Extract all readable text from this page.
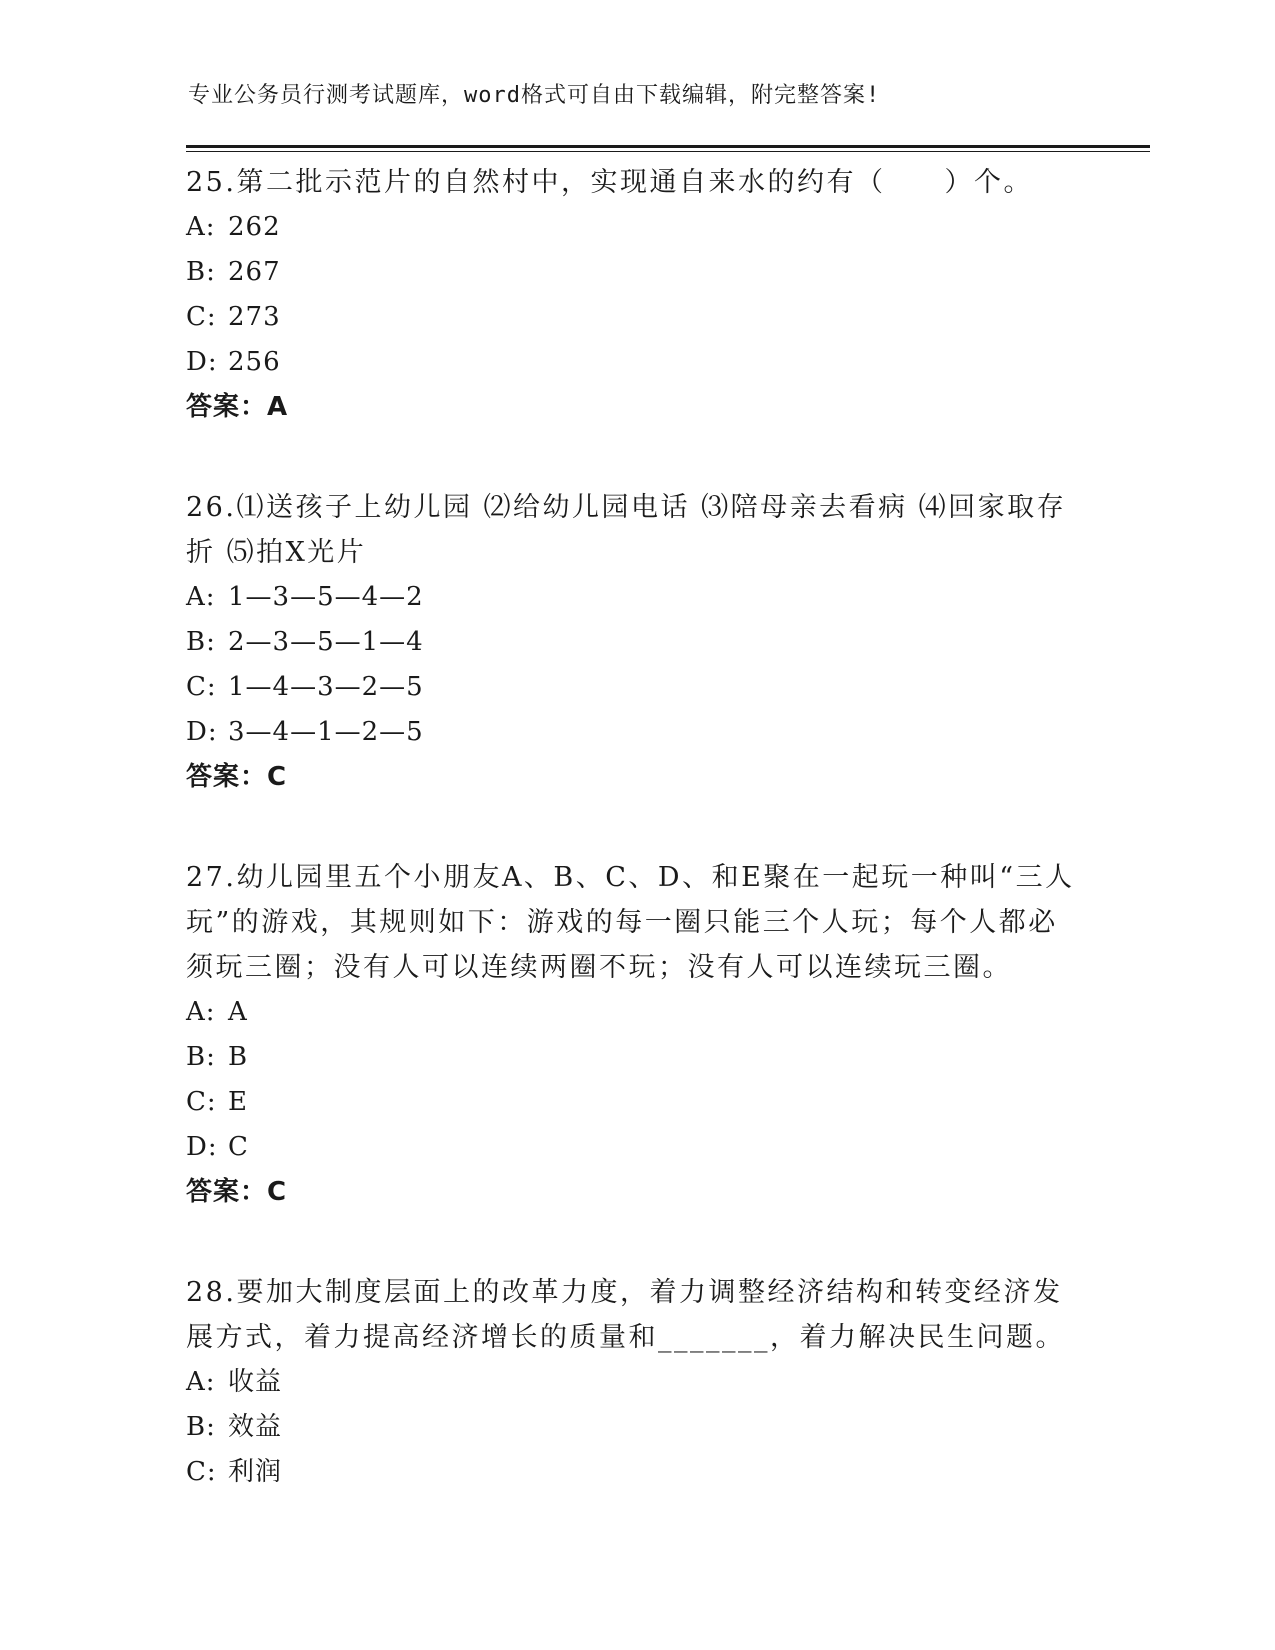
专业公务员行测考试题库，word格式可自由下载编辑，附完整答案!

25.第二批示范片的自然村中，实现通自来水的约有（　　）个。

A: 262

B: 267

C: 273

D: 256

答案：A

26.⑴送孩子上幼儿园 ⑵给幼儿园电话 ⑶陪母亲去看病 ⑷回家取存折 ⑸拍X光片

A: 1—3—5—4—2

B: 2—3—5—1—4

C: 1—4—3—2—5

D: 3—4—1—2—5

答案：C

27.幼儿园里五个小朋友A、B、C、D、和E聚在一起玩一种叫“三人玩”的游戏，其规则如下：游戏的每一圈只能三个人玩；每个人都必须玩三圈；没有人可以连续两圈不玩；没有人可以连续玩三圈。

A: A

B: B

C: E

D: C

答案：C

28.要加大制度层面上的改革力度，着力调整经济结构和转变经济发展方式，着力提高经济增长的质量和_______，着力解决民生问题。

A: 收益

B: 效益

C: 利润
